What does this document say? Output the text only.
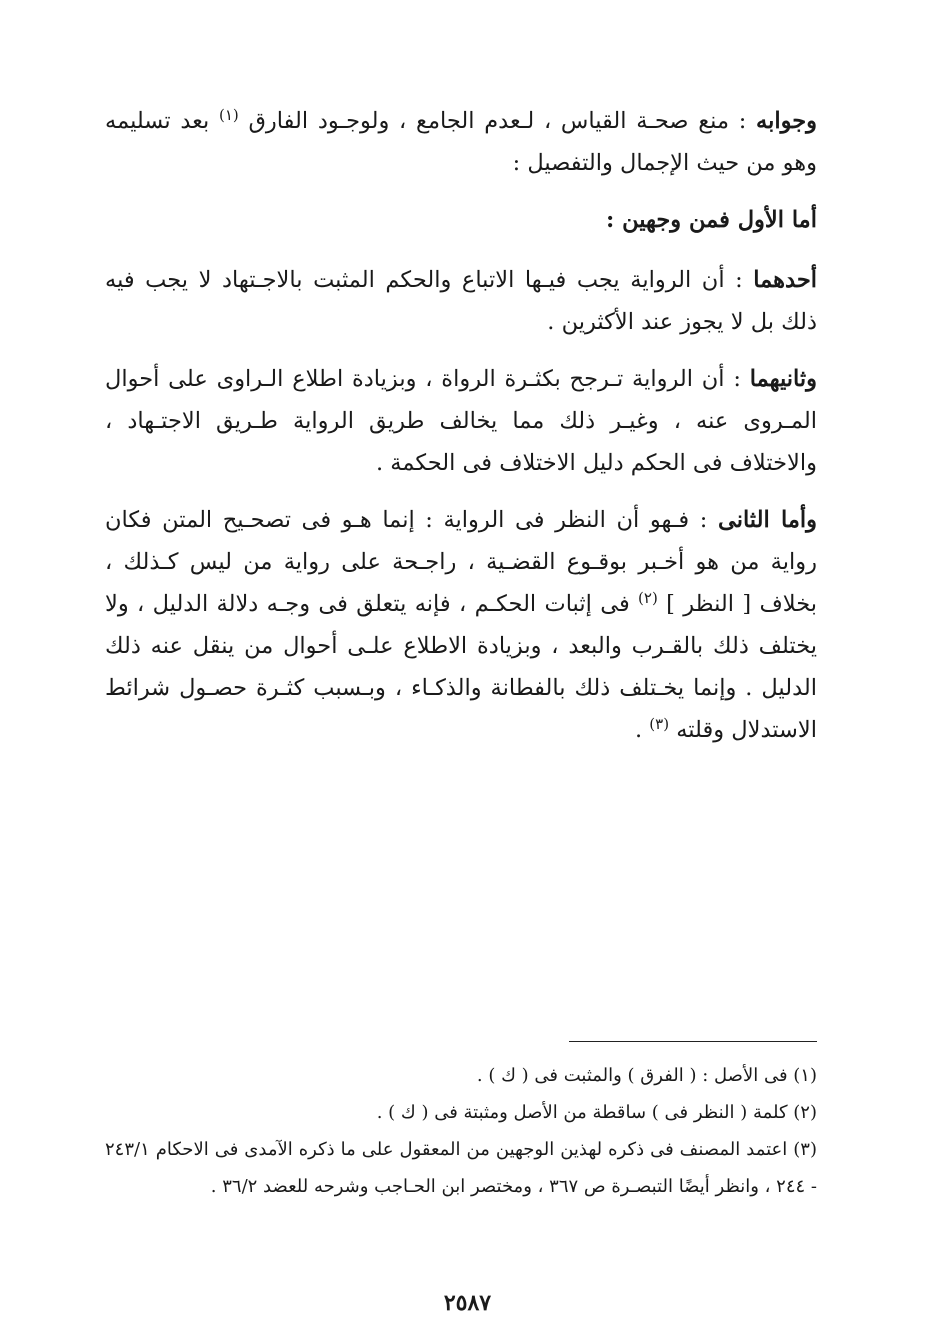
وجوابه : منع صحـة القياس ، لـعدم الجامع ، ولوجـود الفارق $^{(١)}$ بعد تسليمه وهو من حيث الإجمال والتفصيل :

أما الأول فمن وجهين :

أحدهما : أن الرواية يجب فيـها الاتباع والحكم المثبت بالاجـتهاد لا يجب فيه ذلك بل لا يجوز عند الأكثرين .

وثانيهما : أن الرواية تـرجح بكثـرة الرواة ، وبزيادة اطلاع الـراوى على أحوال المـروى عنه ، وغيـر ذلك مما يخالف طريق الرواية طـريق الاجتـهاد ، والاختلاف فى الحكم دليل الاختلاف فى الحكمة .

وأما الثانى : فـهو أن النظر فى الرواية : إنما هـو فى تصحـيح المتن فكان رواية من هو أخـبر بوقـوع القضـية ، راجـحة على رواية من ليس كـذلك ، بخلاف [ النظر ] $^{(٢)}$ فى إثبات الحكـم ، فإنه يتعلق فى وجـه دلالة الدليل ، ولا يختلف ذلك بالقـرب والبعد ، وبزيادة الاطلاع علـى أحوال من ينقل عنه ذلك الدليل . وإنما يخـتلف ذلك بالفطانة والذكـاء ، وبـسبب كثـرة حصـول شرائط الاستدلال وقلته $^{(٣)}$ .

(١) فى الأصل : ( الفرق ) والمثبت فى ( ك ) .

(٢) كلمة ( النظر فى ) ساقطة من الأصل ومثبتة فى ( ك ) .

(٣) اعتمد المصنف فى ذكره لهذين الوجهين من المعقول على ما ذكره الآمدى فى الاحكام ٢٤٣/١ - ٢٤٤ ، وانظر أيضًا التبصـرة ص ٣٦٧ ، ومختصر ابن الحـاجب وشرحه للعضد ٣٦/٢ .

٢٥٨٧
